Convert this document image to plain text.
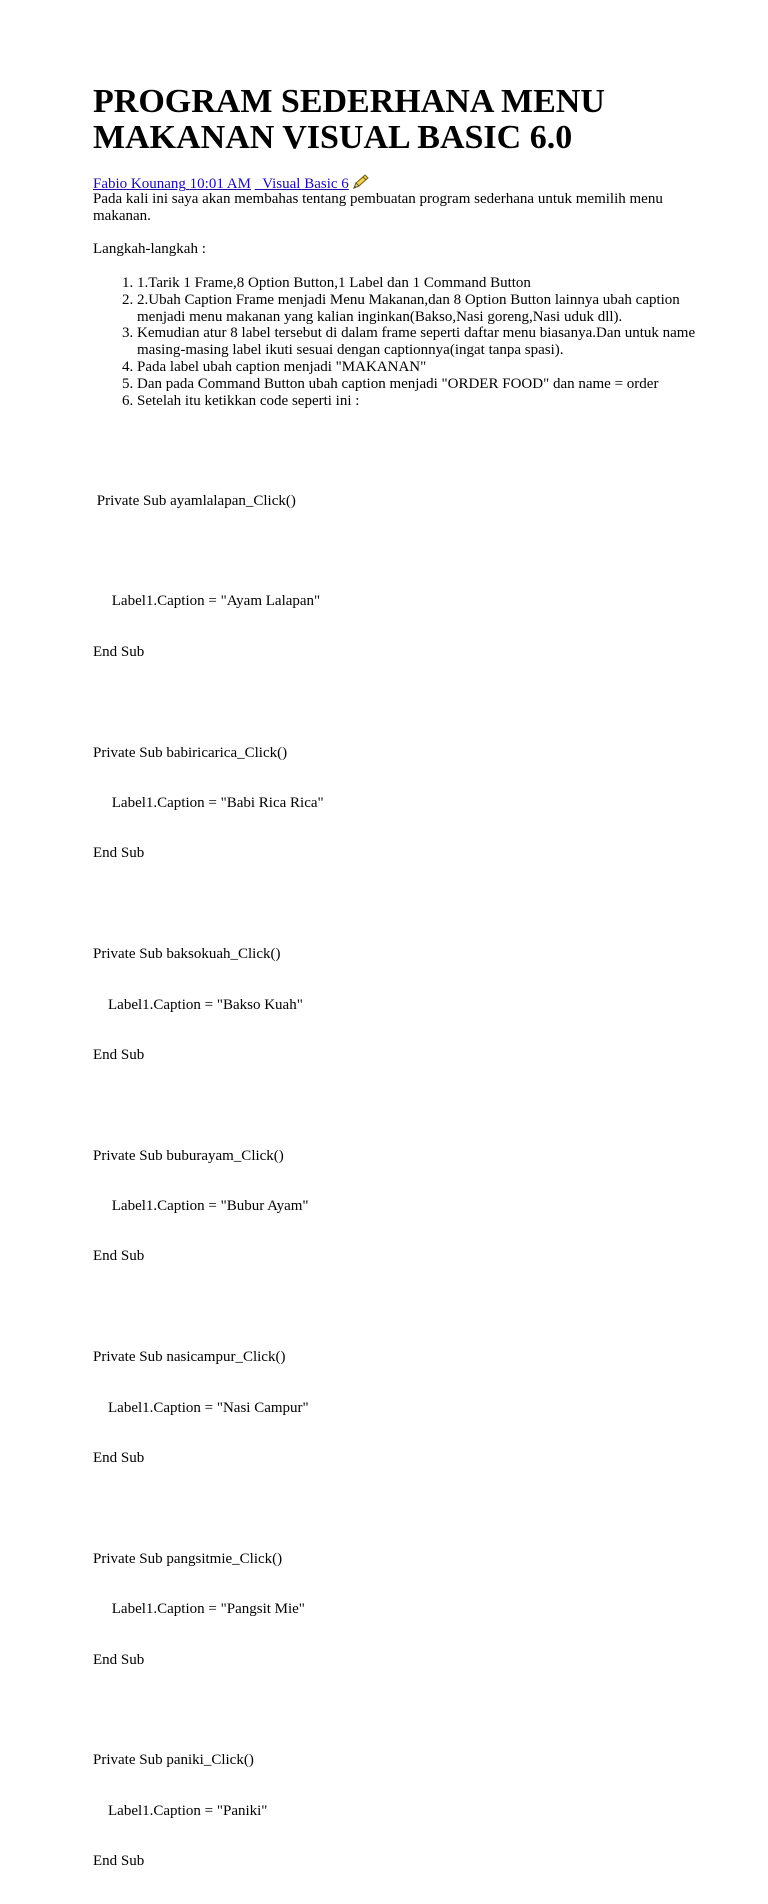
PROGRAM SEDERHANA MENU MAKANAN VISUAL BASIC 6.0
Fabio Kounang 10:01 AM Visual Basic 6
Pada kali ini saya akan membahas tentang pembuatan program sederhana untuk memilih menu makanan.
Langkah-langkah :
1. 1.Tarik 1 Frame,8 Option Button,1 Label dan 1 Command Button
2. 2.Ubah Caption Frame menjadi Menu Makanan,dan 8 Option Button lainnya ubah caption menjadi menu makanan yang kalian inginkan(Bakso,Nasi goreng,Nasi uduk dll).
3. Kemudian atur 8 label tersebut di dalam frame seperti daftar menu biasanya.Dan untuk name masing-masing label ikuti sesuai dengan captionnya(ingat tanpa spasi).
4. Pada label ubah caption menjadi "MAKANAN"
5. Dan pada Command Button ubah caption menjadi "ORDER FOOD" dan name = order
6. Setelah itu ketikkan code seperti ini :

Private Sub ayamlalapan_Click()

Label1.Caption = "Ayam Lalapan"

End Sub

Private Sub babiricarica_Click()

Label1.Caption = "Babi Rica Rica"

End Sub

Private Sub baksokuah_Click()

Label1.Caption = "Bakso Kuah"

End Sub

Private Sub buburayam_Click()

Label1.Caption = "Bubur Ayam"

End Sub

Private Sub nasicampur_Click()

Label1.Caption = "Nasi Campur"

End Sub

Private Sub pangsitmie_Click()

Label1.Caption = "Pangsit Mie"

End Sub

Private Sub paniki_Click()

Label1.Caption = "Paniki"

End Sub
